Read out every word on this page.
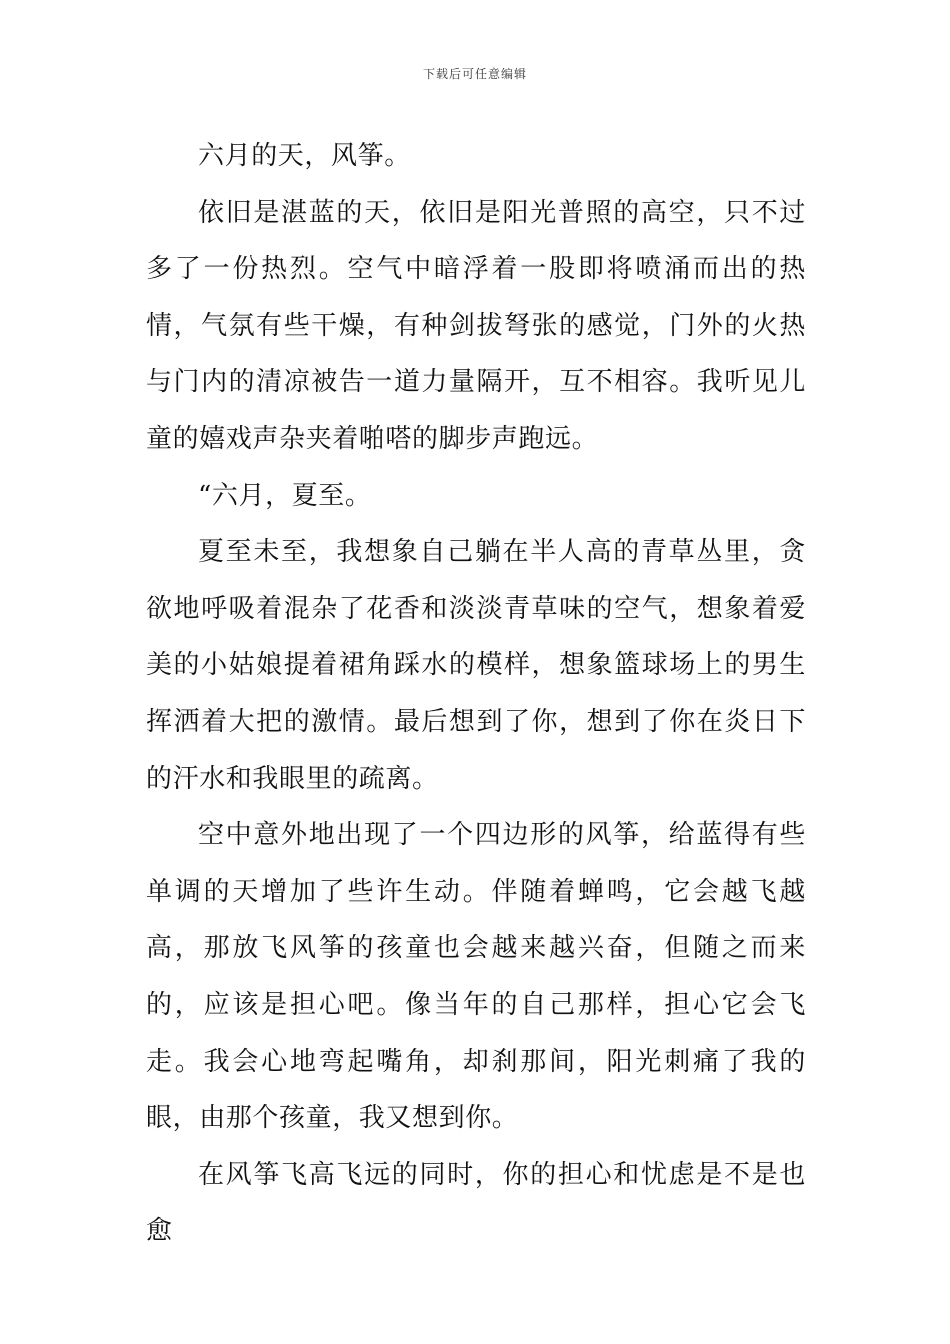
下载后可任意编辑

六月的天，风筝。

依旧是湛蓝的天，依旧是阳光普照的高空，只不过多了一份热烈。空气中暗浮着一股即将喷涌而出的热情，气氛有些干燥，有种剑拔弩张的感觉，门外的火热与门内的清凉被告一道力量隔开，互不相容。我听见儿童的嬉戏声杂夹着啪嗒的脚步声跑远。

“六月，夏至。

夏至未至，我想象自己躺在半人高的青草丛里，贪欲地呼吸着混杂了花香和淡淡青草味的空气，想象着爱美的小姑娘提着裙角踩水的模样，想象篮球场上的男生挥洒着大把的激情。最后想到了你，想到了你在炎日下的汗水和我眼里的疏离。

空中意外地出现了一个四边形的风筝，给蓝得有些单调的天增加了些许生动。伴随着蝉鸣，它会越飞越高，那放飞风筝的孩童也会越来越兴奋，但随之而来的，应该是担心吧。像当年的自己那样，担心它会飞走。我会心地弯起嘴角，却刹那间，阳光刺痛了我的眼，由那个孩童，我又想到你。

在风筝飞高飞远的同时，你的担心和忧虑是不是也愈
